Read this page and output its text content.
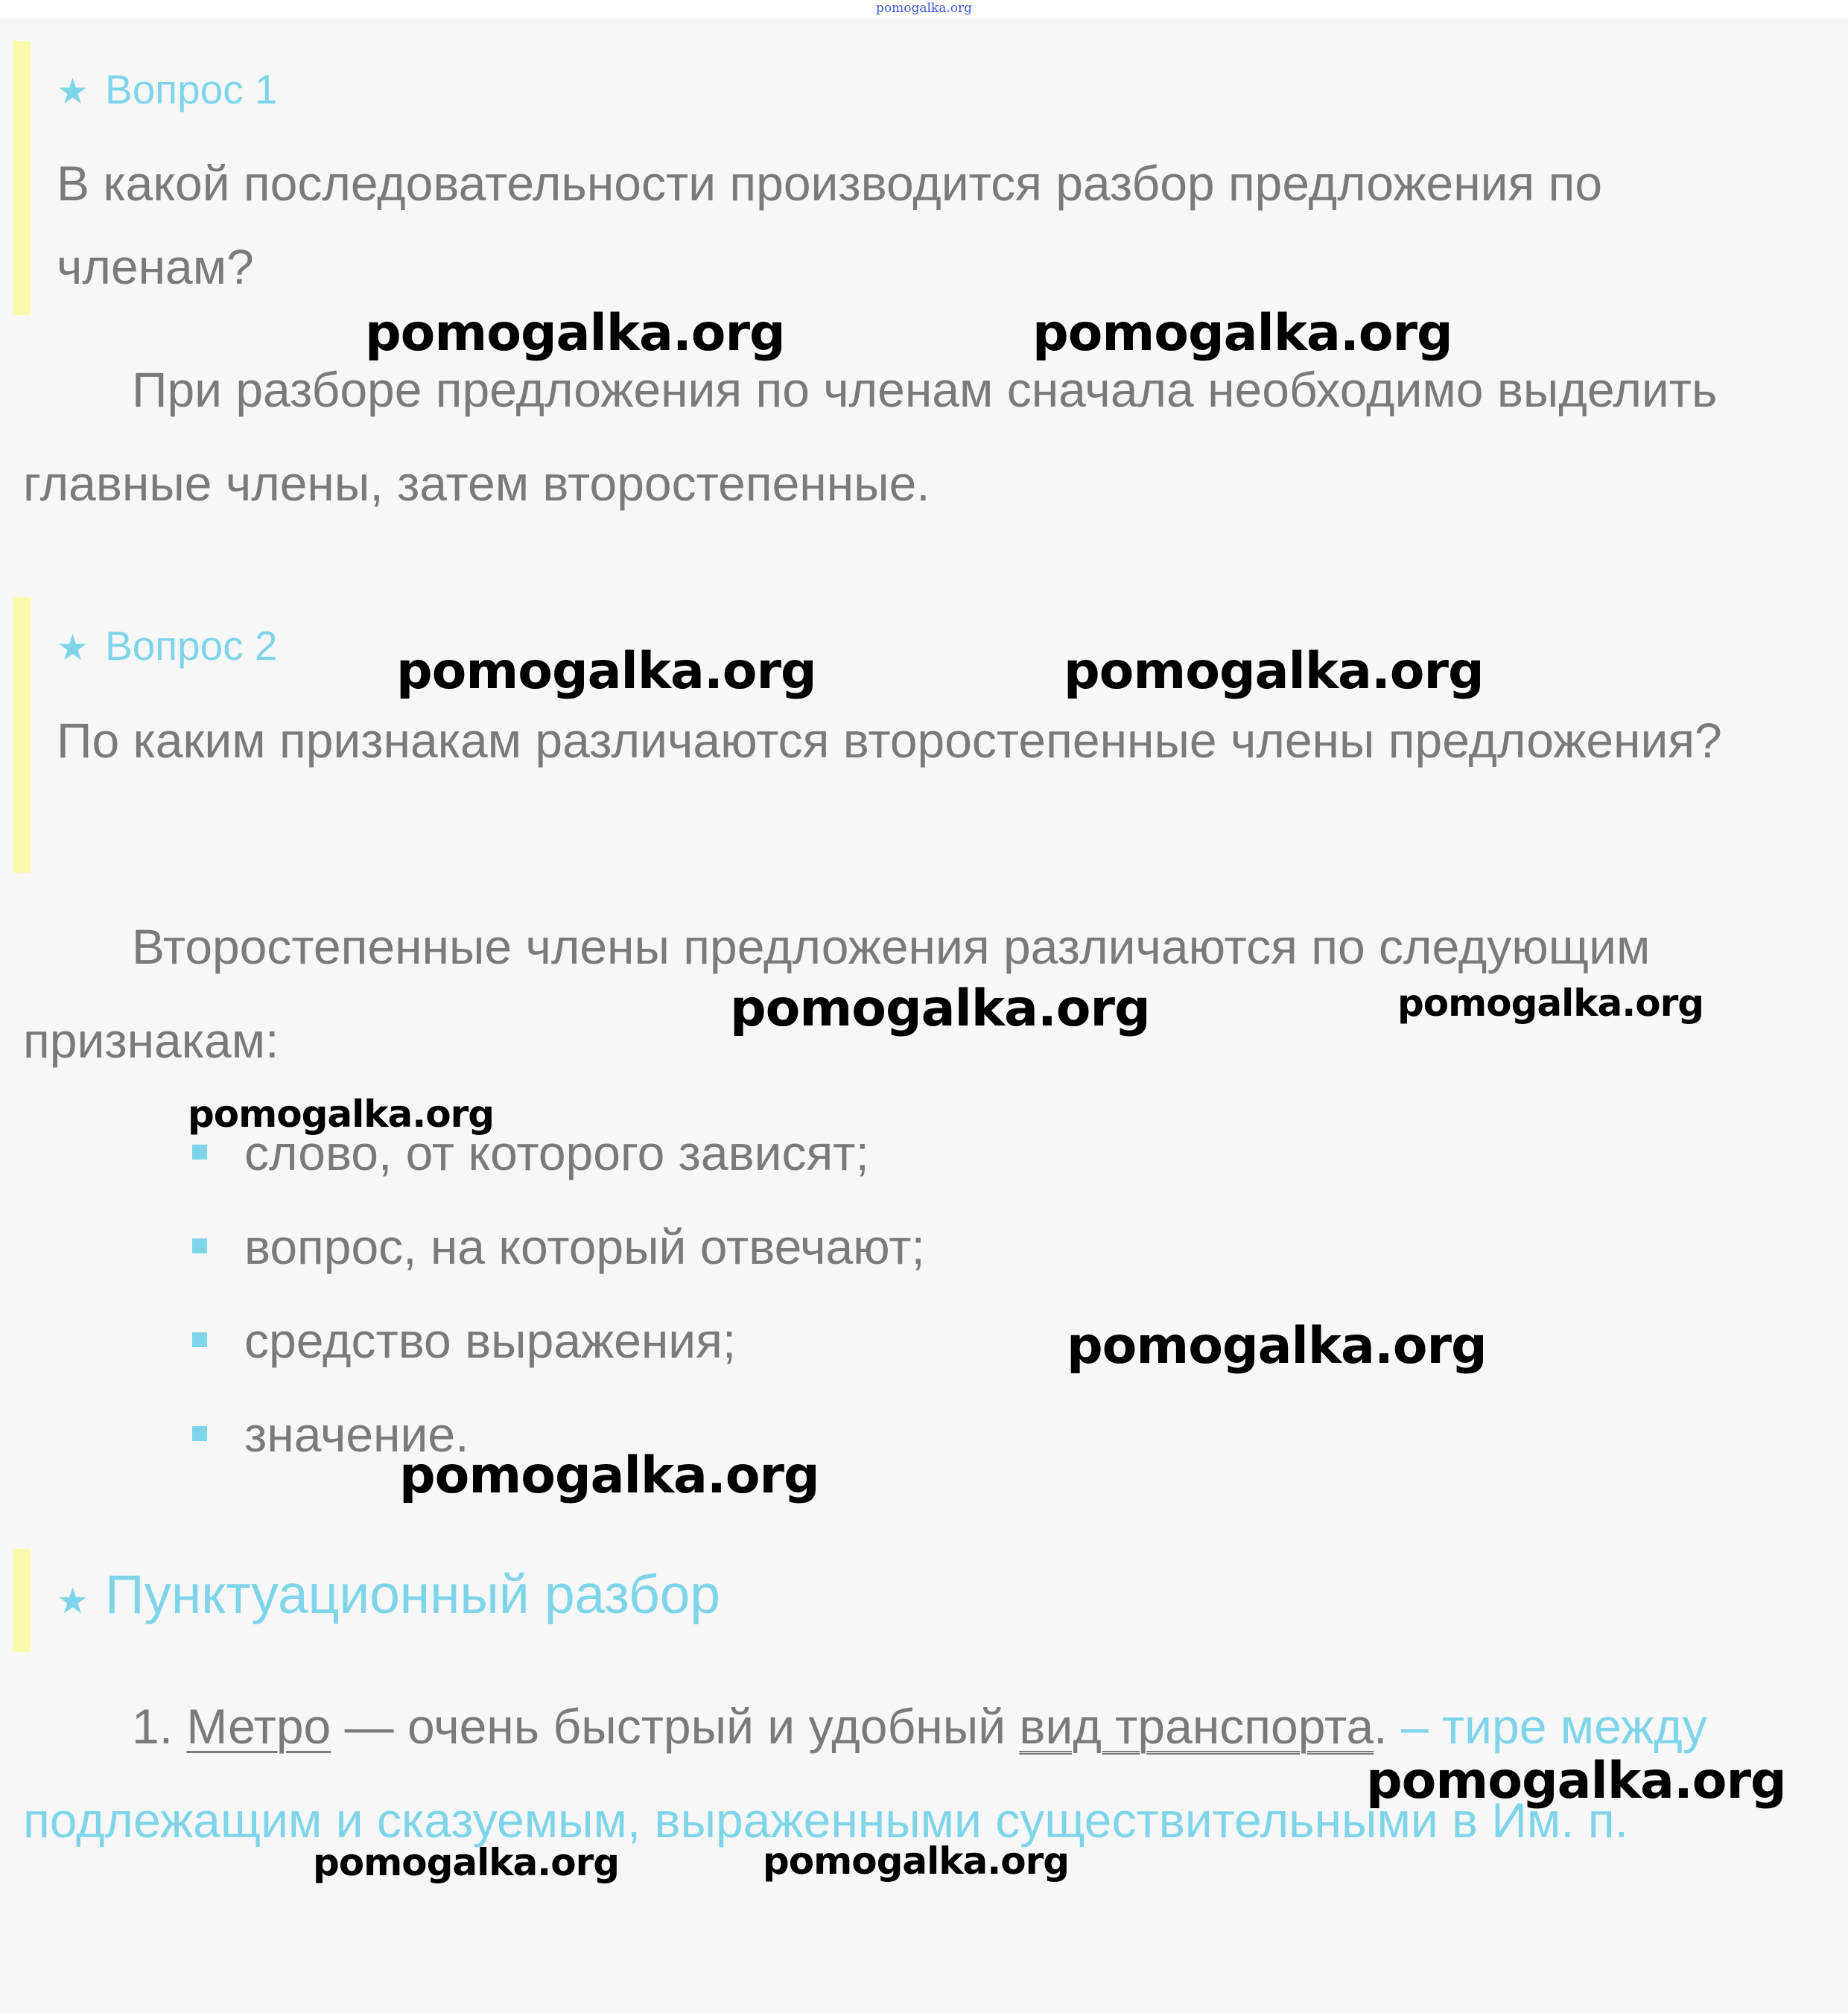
pomogalka.org
★ Вопрос 1
В какой последовательности производится разбор предложения по членам?
При разборе предложения по членам сначала необходимо выделить главные члены, затем второстепенные.
★ Вопрос 2
По каким признакам различаются второстепенные члены предложения?
Второстепенные члены предложения различаются по следующим признакам:
слово, от которого зависят;
вопрос, на который отвечают;
средство выражения;
значение.
★ Пунктуационный разбор
1. Метро — очень быстрый и удобный вид транспорта. – тире между подлежащим и сказуемым, выраженными существительными в Им. п.
pomogalka.org	pomogalka.org
pomogalka.org	pomogalka.org
pomogalka.org	pomogalka.org
pomogalka.org
pomogalka.org
pomogalka.org
pomogalka.org
pomogalka.org	pomogalka.org
